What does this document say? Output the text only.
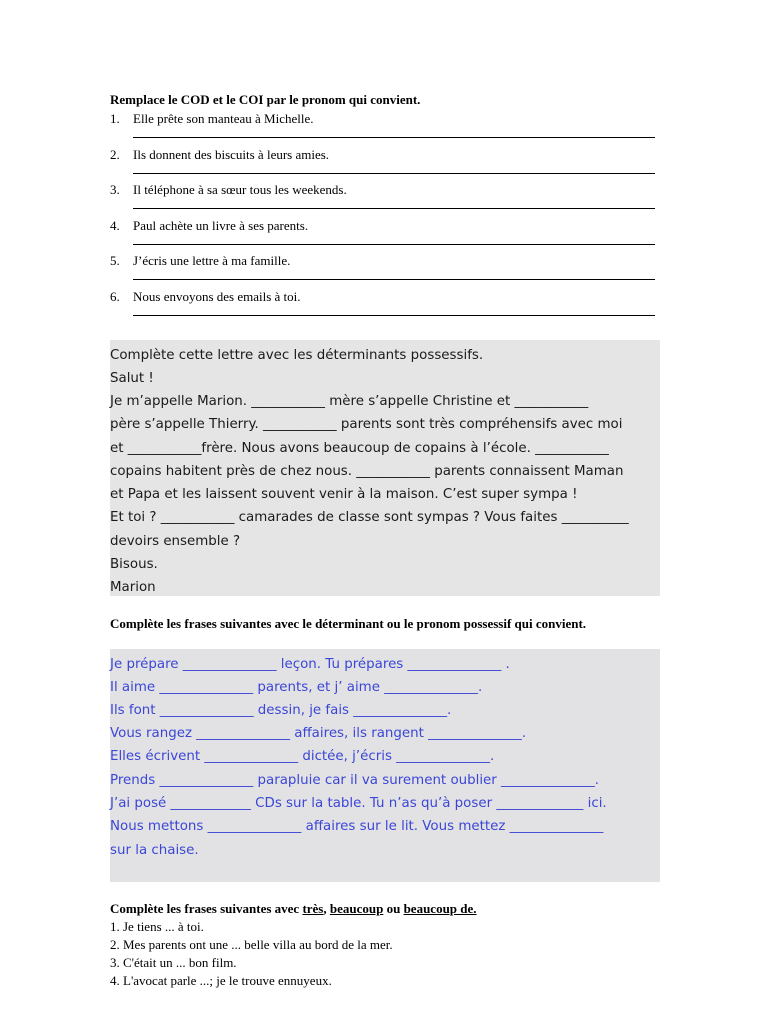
Remplace le COD et le COI par le pronom qui convient.
1. Elle prête son manteau à Michelle.
2. Ils donnent des biscuits à leurs amies.
3. Il téléphone à sa sœur tous les weekends.
4. Paul achète un livre à ses parents.
5. J’écris une lettre à ma famille.
6. Nous envoyons des emails à toi.
Complète cette lettre avec les déterminants possessifs.
Salut !
Je m’appelle Marion. ___________ mère s’appelle Christine et ___________
père s’appelle Thierry. ___________ parents sont très compréhensifs avec moi
et ___________frère. Nous avons beaucoup de copains à l’école. ___________
copains habitent près de chez nous. ___________ parents connaissent Maman
et Papa et les laissent souvent venir à la maison. C’est super sympa !
Et toi ? ___________ camarades de classe sont sympas ? Vous faites __________
devoirs ensemble ?
Bisous.
Marion
Complète les frases suivantes avec le déterminant ou le pronom possessif qui convient.
Je prépare ______________ leçon. Tu prépares ______________ .
Il aime ______________ parents, et j’ aime ______________.
Ils font ______________ dessin, je fais ______________.
Vous rangez ______________ affaires, ils rangent ______________.
Elles écrivent ______________ dictée, j’écris ______________.
Prends ______________ parapluie car il va surement oublier ______________.
J’ai posé ____________ CDs sur la table. Tu n’as qu’à poser _____________ ici.
Nous mettons ______________ affaires sur le lit. Vous mettez ______________
sur la chaise.
Complète les frases suivantes avec très, beaucoup ou beaucoup de.
1. Je tiens ... à toi.
2. Mes parents ont une ... belle villa au bord de la mer.
3. C'était un ... bon film.
4. L'avocat parle ...; je le trouve ennuyeux.
